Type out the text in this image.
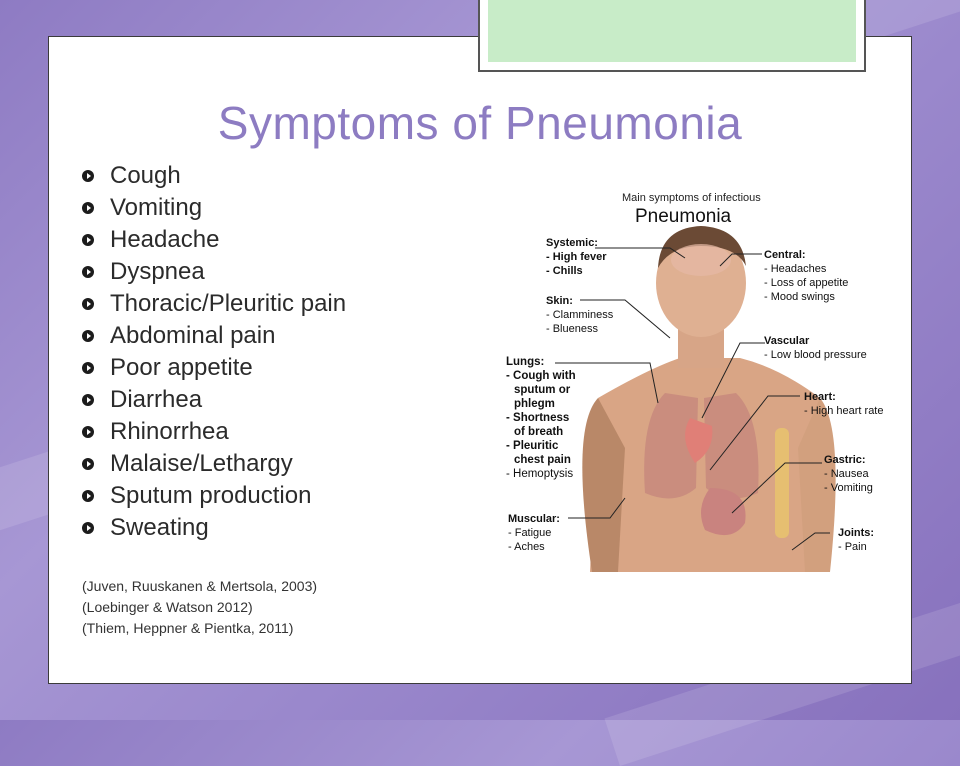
Symptoms of Pneumonia
Cough
Vomiting
Headache
Dyspnea
Thoracic/Pleuritic pain
Abdominal pain
Poor appetite
Diarrhea
Rhinorrhea
Malaise/Lethargy
Sputum production
Sweating
(Juven, Ruuskanen & Mertsola, 2003)
(Loebinger & Watson 2012)
(Thiem, Heppner & Pientka, 2011)
Main symptoms of infectious
Pneumonia
Systemic:
- High fever
- Chills
Skin:
- Clamminess
- Blueness
Lungs:
- Cough with
sputum or
phlegm
- Shortness
of breath
- Pleuritic
chest pain
- Hemoptysis
Muscular:
- Fatigue
- Aches
Central:
- Headaches
- Loss of appetite
- Mood swings
Vascular
- Low blood pressure
Heart:
- High heart rate
Gastric:
- Nausea
- Vomiting
Joints:
- Pain
